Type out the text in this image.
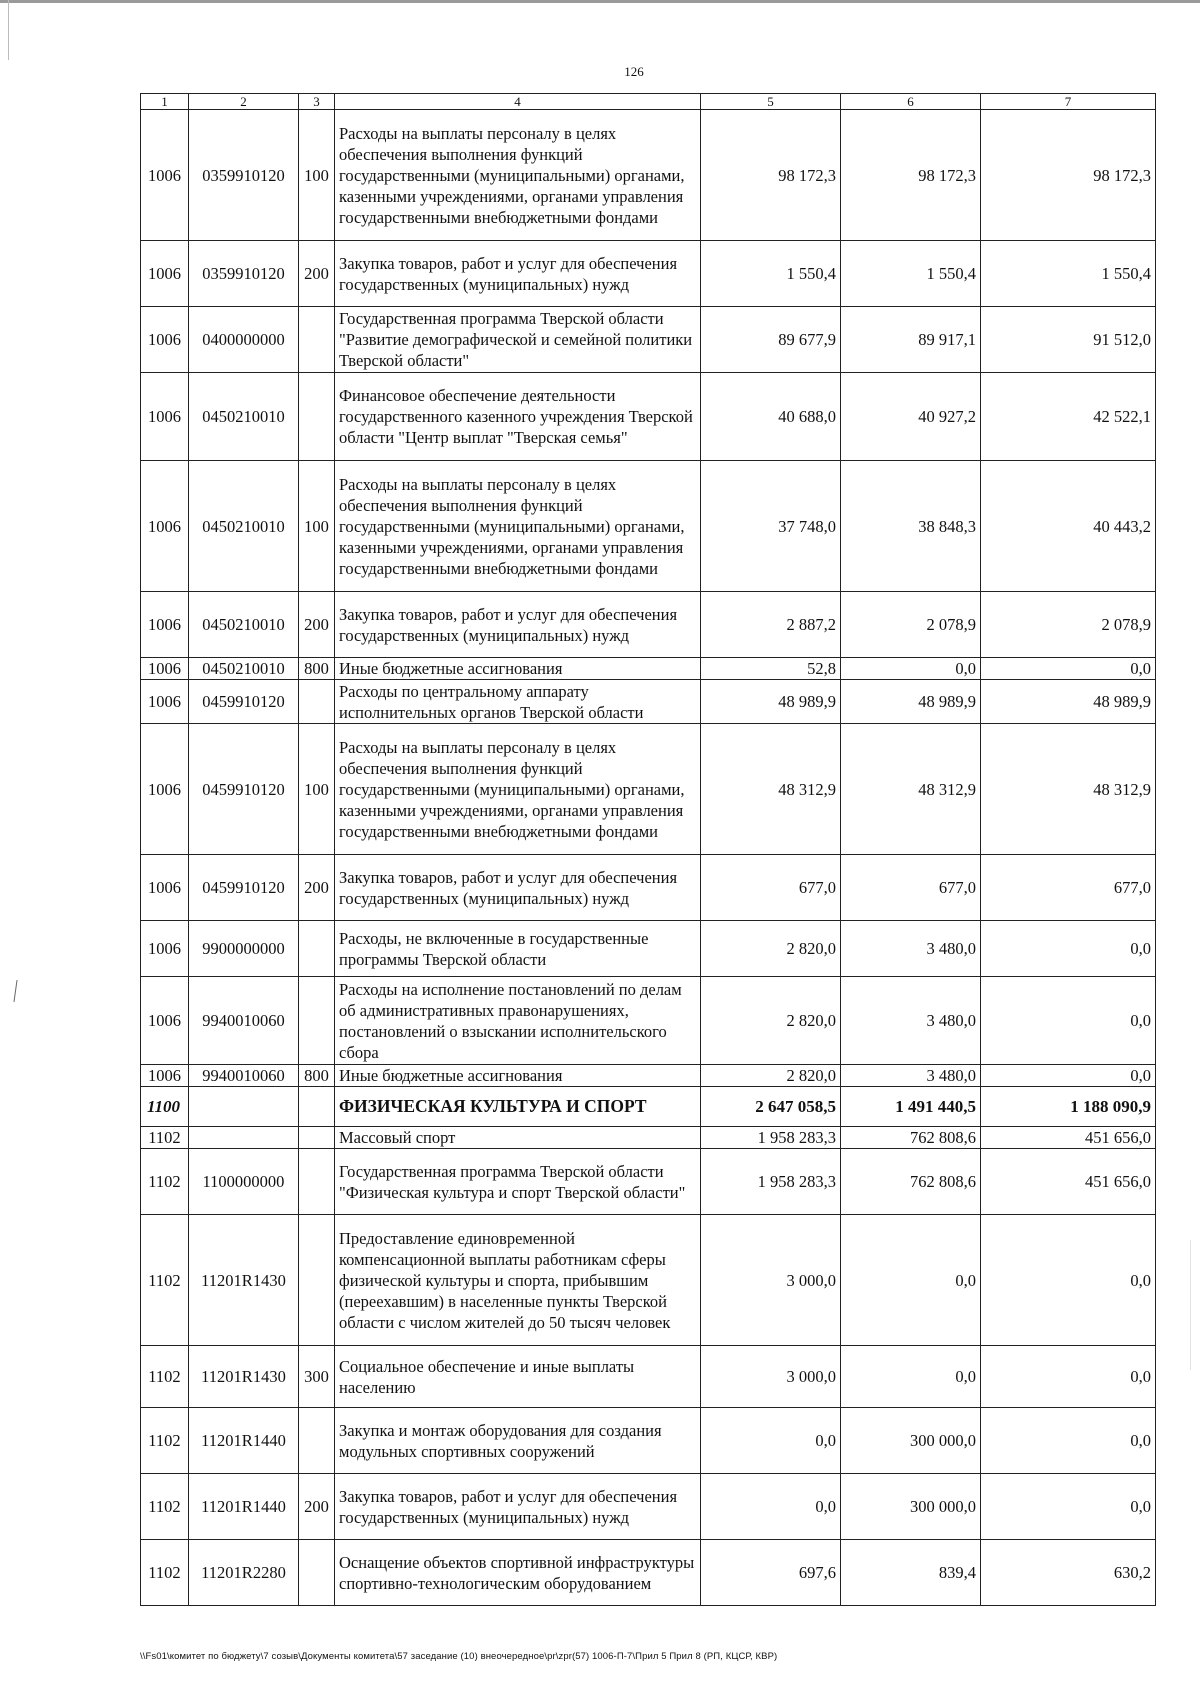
126
1	2	3	4	5	6	7
1006	0359910120	100	Расходы на выплаты персоналу в целях обеспечения выполнения функций государственными (муниципальными) органами, казенными учреждениями, органами управления государственными внебюджетными фондами	98 172,3	98 172,3	98 172,3
1006	0359910120	200	Закупка товаров, работ и услуг для обеспечения государственных (муниципальных) нужд	1 550,4	1 550,4	1 550,4
1006	0400000000		Государственная программа Тверской области "Развитие демографической и семейной политики Тверской области"	89 677,9	89 917,1	91 512,0
1006	0450210010		Финансовое обеспечение деятельности государственного казенного учреждения Тверской области "Центр выплат "Тверская семья"	40 688,0	40 927,2	42 522,1
1006	0450210010	100	Расходы на выплаты персоналу в целях обеспечения выполнения функций государственными (муниципальными) органами, казенными учреждениями, органами управления государственными внебюджетными фондами	37 748,0	38 848,3	40 443,2
1006	0450210010	200	Закупка товаров, работ и услуг для обеспечения государственных (муниципальных) нужд	2 887,2	2 078,9	2 078,9
1006	0450210010	800	Иные бюджетные ассигнования	52,8	0,0	0,0
1006	0459910120		Расходы по центральному аппарату исполнительных органов Тверской области	48 989,9	48 989,9	48 989,9
1006	0459910120	100	Расходы на выплаты персоналу в целях обеспечения выполнения функций государственными (муниципальными) органами, казенными учреждениями, органами управления государственными внебюджетными фондами	48 312,9	48 312,9	48 312,9
1006	0459910120	200	Закупка товаров, работ и услуг для обеспечения государственных (муниципальных) нужд	677,0	677,0	677,0
1006	9900000000		Расходы, не включенные в государственные программы Тверской области	2 820,0	3 480,0	0,0
1006	9940010060		Расходы на исполнение постановлений по делам об административных правонарушениях, постановлений о взыскании исполнительского сбора	2 820,0	3 480,0	0,0
1006	9940010060	800	Иные бюджетные ассигнования	2 820,0	3 480,0	0,0
1100			ФИЗИЧЕСКАЯ КУЛЬТУРА И СПОРТ	2 647 058,5	1 491 440,5	1 188 090,9
1102			Массовый спорт	1 958 283,3	762 808,6	451 656,0
1102	1100000000		Государственная программа Тверской области "Физическая культура и спорт Тверской области"	1 958 283,3	762 808,6	451 656,0
1102	11201R1430		Предоставление единовременной компенсационной выплаты работникам сферы физической культуры и спорта, прибывшим (переехавшим) в населенные пункты Тверской области с числом жителей до 50 тысяч человек	3 000,0	0,0	0,0
1102	11201R1430	300	Социальное обеспечение и иные выплаты населению	3 000,0	0,0	0,0
1102	11201R1440		Закупка и монтаж оборудования для создания модульных спортивных сооружений	0,0	300 000,0	0,0
1102	11201R1440	200	Закупка товаров, работ и услуг для обеспечения государственных (муниципальных) нужд	0,0	300 000,0	0,0
1102	11201R2280		Оснащение объектов спортивной инфраструктуры спортивно-технологическим оборудованием	697,6	839,4	630,2
\\Fs01\комитет по бюджету\7 созыв\Документы комитета\57 заседание (10) внеочередное\pr\zpr(57) 1006-П-7\Прил 5 Прил 8 (РП, КЦСР, КВР)
